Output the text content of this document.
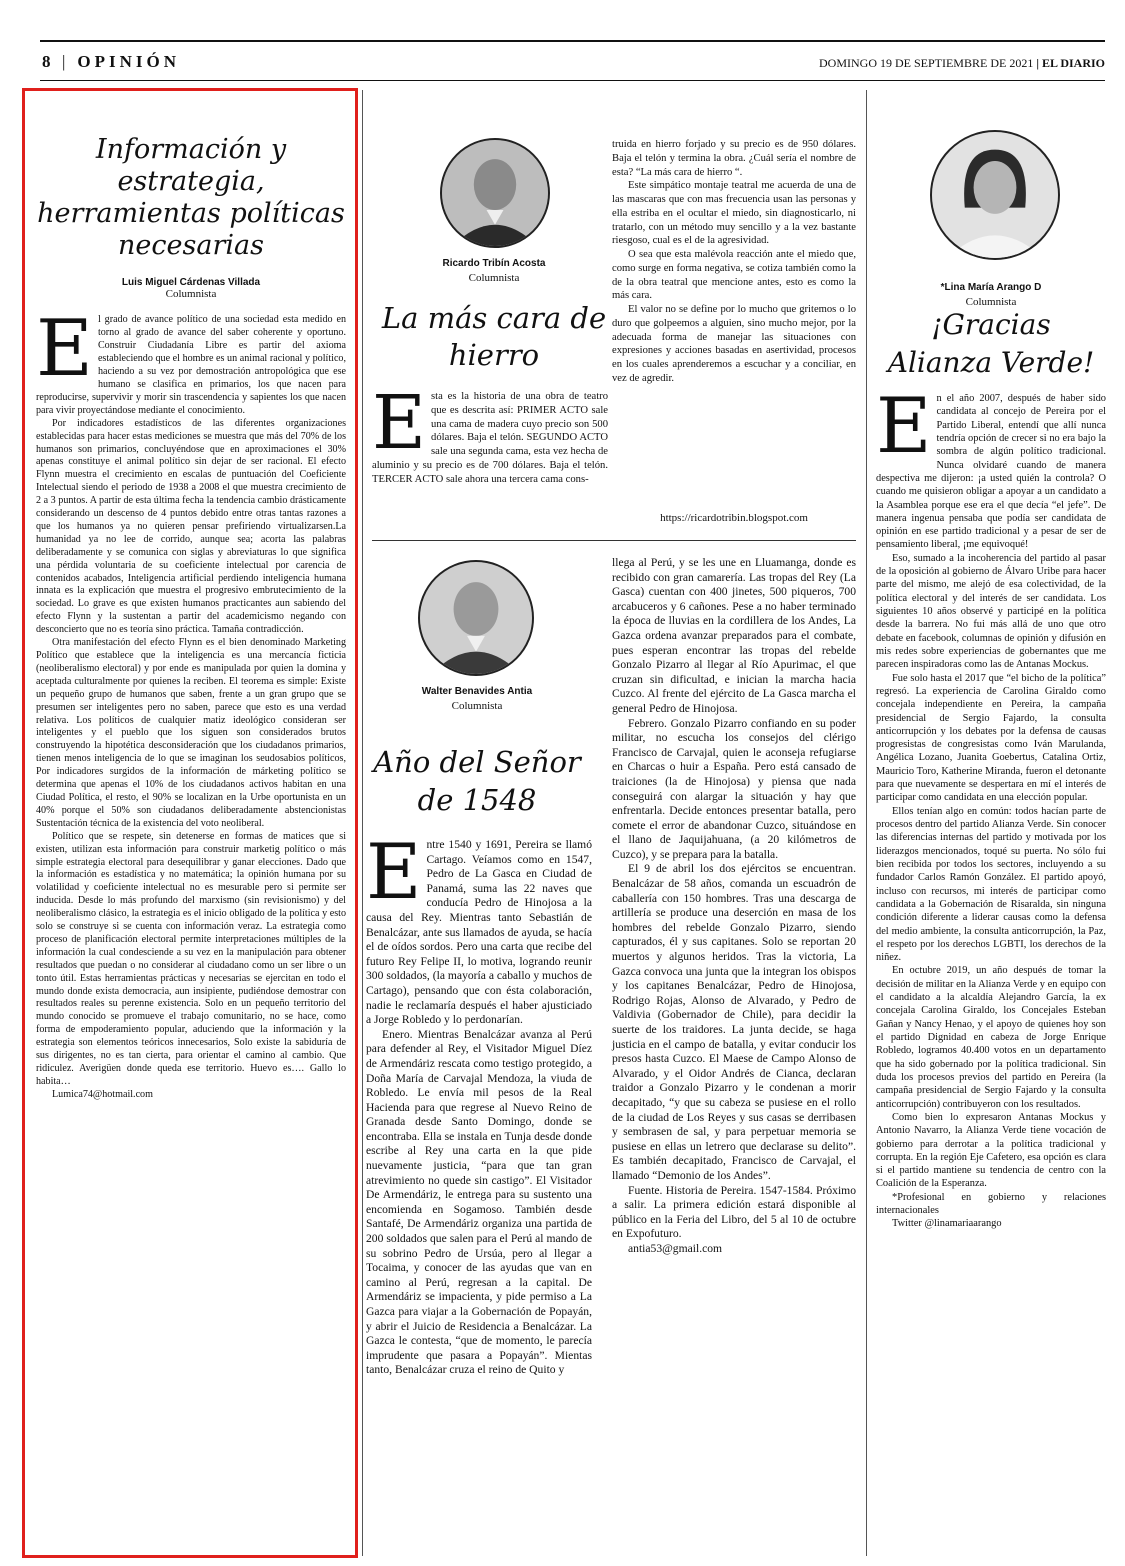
8 | OPINIÓN	DOMINGO 19 DE SEPTIEMBRE DE 2021 | EL DIARIO
Información y estrategia, herramientas políticas necesarias
Luis Miguel Cárdenas Villada
Columnista
E l grado de avance político de una sociedad esta medido en torno al grado de avance del saber coherente y oportuno. Construir Ciudadanía Libre es partir del axioma estableciendo que el hombre es un animal racional y político, haciendo a su vez por demostración antropológica que ese humano se clasifica en primarios, los que nacen para reproducirse, supervivir y morir sin trascendencia y sapientes los que nacen para vivir proyectándose mediante el conocimiento.

Por indicadores estadísticos de las diferentes organizaciones establecidas para hacer estas mediciones se muestra que más del 70% de los humanos son primarios, concluyéndose que en aproximaciones el 30% apenas constituye el animal político sin dejar de ser racional. El efecto Flynn muestra el crecimiento en escalas de puntuación del Coeficiente Intelectual siendo el periodo de 1938 a 2008 el que muestra crecimiento de 2 a 3 puntos. A partir de esta última fecha la tendencia cambio drásticamente considerando un descenso de 4 puntos debido entre otras tantas razones a que los humanos ya no quieren pensar prefiriendo virtualizarsen.La humanidad ya no lee de corrido, aunque sea; acorta las palabras deliberadamente y se comunica con siglas y abreviaturas lo que significa una pérdida voluntaria de su coeficiente intelectual por carencia de contenidos acabados, Inteligencia artificial perdiendo inteligencia humana innata es la explicación que muestra el progresivo embrutecimiento de la sociedad. Lo grave es que existen humanos practicantes aun sabiendo del efecto Flynn y la sustentan a partir del academicismo negando con desconcierto que no es teoría sino práctica. Tamaña contradicción.

Otra manifestación del efecto Flynn es el bien denominado Marketing Político que establece que la inteligencia es una mercancía ficticia (neoliberalismo electoral) y por ende es manipulada por quien la domina y aceptada culturalmente por quienes la reciben. El teorema es simple: Existe un pequeño grupo de humanos que saben, frente a un gran grupo que se presumen ser inteligentes pero no saben, parece que esto es una verdad relativa. Los políticos de cualquier matiz ideológico consideran ser inteligentes y el pueblo que los siguen son considerados brutos construyendo la hipotética desconsideración que los ciudadanos primarios, tienen menos inteligencia de lo que se imaginan los seudosabios políticos, Por indicadores surgidos de la información de márketing político se determina que apenas el 10% de los ciudadanos activos habitan en una Ciudad Política, el resto, el 90% se localizan en la Urbe oportunista en un 40% porque el 50% son ciudadanos deliberadamente abstencionistas Sustentación técnica de la existencia del voto neoliberal.

Político que se respete, sin detenerse en formas de matices que si existen, utilizan esta información para construir marketig político o más simple estrategia electoral para desequilibrar y ganar elecciones. Dado que la información es estadística y no matemática; la opinión humana por su volatilidad y coeficiente intelectual no es mesurable pero si permite ser inducida. Desde lo más profundo del marxismo (sin revisionismo) y del neoliberalismo clásico, la estrategia es el inicio obligado de la política y esto solo se construye si se cuenta con información veraz. La estrategia como proceso de planificación electoral permite interpretaciones múltiples de la información la cual condesciende a su vez en la manipulación para obtener resultados que puedan o no considerar al ciudadano como un ser libre o un tonto útil. Estas herramientas prácticas y necesarias se ejercitan en todo el mundo donde exista democracia, aun insipiente, pudiéndose demostrar con resultados reales su perenne existencia. Solo en un pequeño territorio del mundo conocido se promueve el trabajo comunitario, no se hace, como forma de empoderamiento popular, aduciendo que la información y la estrategia son elementos teóricos innecesarios, Solo existe la sabiduría de sus dirigentes, no es tan cierta, para orientar el camino al cambio. Que ridiculez. Averigüen donde queda ese territorio. Huevo es…. Gallo lo habita…

Lumica74@hotmail.com

Ricardo Tribín Acosta
Columnista
La más cara de hierro
E sta es la historia de una obra de teatro que es descrita así: PRIMER ACTO sale una cama de madera cuyo precio son 500 dólares. Baja el telón. SEGUNDO ACTO sale una segunda cama, esta vez hecha de aluminio y su precio es de 700 dólares. Baja el telón. TERCER ACTO sale ahora una tercera cama cons-

truida en hierro forjado y su precio es de 950 dólares. Baja el telón y termina la obra. ¿Cuál sería el nombre de esta? “La más cara de hierro “.

Este simpático montaje teatral me acuerda de una de las mascaras que con mas frecuencia usan las personas y ella estriba en el ocultar el miedo, sin diagnosticarlo, ni tratarlo, con un método muy sencillo y a la vez bastante riesgoso, cual es el de la agresividad.

O sea que esta malévola reacción ante el miedo que, como surge en forma negativa, se cotiza también como la de la obra teatral que mencione antes, esto es como la más cara.

El valor no se define por lo mucho que gritemos o lo duro que golpeemos a alguien, sino mucho mejor, por la adecuada forma de manejar las situaciones con expresiones y acciones basadas en asertividad, procesos en los cuales aprenderemos a escuchar y a conciliar, en vez de agredir.

https://ricardotribin.blogspot.com
Walter Benavides Antia
Columnista
Año del Señor de 1548
E ntre 1540 y 1691, Pereira se llamó Cartago. Veíamos como en 1547, Pedro de La Gasca en Ciudad de Panamá, suma las 22 naves que conducía Pedro de Hinojosa a la causa del Rey. Mientras tanto Sebastián de Benalcázar, ante sus llamados de ayuda, se hacía el de oídos sordos. Pero una carta que recibe del futuro Rey Felipe II, lo motiva, logrando reunir 300 soldados, (la mayoría a caballo y muchos de Cartago), pensando que con ésta colaboración, nadie le reclamaría después el haber ajusticiado a Jorge Robledo y lo perdonarían.

Enero. Mientras Benalcázar avanza al Perú para defender al Rey, el Visitador Miguel Díez de Armendáriz rescata como testigo protegido, a Doña María de Carvajal Mendoza, la viuda de Robledo. Le envía mil pesos de la Real Hacienda para que regrese al Nuevo Reino de Granada desde Santo Domingo, donde se encontraba. Ella se instala en Tunja desde donde escribe al Rey una carta en la que pide nuevamente justicia, “para que tan gran atrevimiento no quede sin castigo”. El Visitador De Armendáriz, le entrega para su sustento una encomienda en Sogamoso. También desde Santafé, De Armendáriz organiza una partida de 200 soldados que salen para el Perú al mando de su sobrino Pedro de Ursúa, pero al llegar a Tocaima, y conocer de las ayudas que van en camino al Perú, regresan a la capital. De Armendáriz se impacienta, y pide permiso a La Gazca para viajar a la Gobernación de Popayán, y abrir el Juicio de Residencia a Benalcázar. La Gazca le contesta, “que de momento, le parecía imprudente que pasara a Popayán”. Mientas tanto, Benalcázar cruza el reino de Quito y

llega al Perú, y se les une en Lluamanga, donde es recibido con gran camarería. Las tropas del Rey (La Gasca) cuentan con 400 jinetes, 500 piqueros, 700 arcabuceros y 6 cañones. Pese a no haber terminado la época de lluvias en la cordillera de los Andes, La Gazca ordena avanzar preparados para el combate, pues esperan encontrar las tropas del rebelde Gonzalo Pizarro al llegar al Río Apurimac, el que cruzan sin dificultad, e inician la marcha hacia Cuzco. Al frente del ejército de La Gasca marcha el general Pedro de Hinojosa.

Febrero. Gonzalo Pizarro confiando en su poder militar, no escucha los consejos del clérigo Francisco de Carvajal, quien le aconseja refugiarse en Charcas o huir a España. Pero está cansado de traiciones (la de Hinojosa) y piensa que nada conseguirá con alargar la situación y hay que enfrentarla. Decide entonces presentar batalla, pero comete el error de abandonar Cuzco, situándose en el llano de Jaquijahuana, (a 20 kilómetros de Cuzco), y se prepara para la batalla.

El 9 de abril los dos ejércitos se encuentran. Benalcázar de 58 años, comanda un escuadrón de caballería con 150 hombres. Tras una descarga de artillería se produce una deserción en masa de los hombres del rebelde Gonzalo Pizarro, siendo capturados, él y sus capitanes. Solo se reportan 20 muertos y algunos heridos. Tras la victoria, La Gazca convoca una junta que la integran los obispos y los capitanes Benalcázar, Pedro de Hinojosa, Rodrigo Rojas, Alonso de Alvarado, y Pedro de Valdivia (Gobernador de Chile), para decidir la suerte de los traidores. La junta decide, se haga justicia en el campo de batalla, y evitar conducir los presos hasta Cuzco. El Maese de Campo Alonso de Alvarado, y el Oidor Andrés de Cianca, declaran traidor a Gonzalo Pizarro y le condenan a morir decapitado, “y que su cabeza se pusiese en el rollo de la ciudad de Los Reyes y sus casas se derribasen y sembrasen de sal, y para perpetuar memoria se pusiese en ellas un letrero que declarase su delito”. Es también decapitado, Francisco de Carvajal, el llamado “Demonio de los Andes”.

Fuente. Historia de Pereira. 1547-1584. Próximo a salir. La primera edición estará disponible al público en la Feria del Libro, del 5 al 10 de octubre en Expofuturo.

antia53@gmail.com

*Lina María Arango D
Columnista
¡Gracias Alianza Verde!
E n el año 2007, después de haber sido candidata al concejo de Pereira por el Partido Liberal, entendí que allí nunca tendría opción de crecer si no era bajo la sombra de algún político tradicional. Nunca olvidaré cuando de manera despectiva me dijeron: ¡a usted quién la controla? O cuando me quisieron obligar a apoyar a un candidato a la Asamblea porque ese era el que decía “el jefe”. De manera ingenua pensaba que podía ser candidata de opinión en ese partido tradicional y a pesar de ser de pensamiento liberal, ¡me equivoqué!

Eso, sumado a la incoherencia del partido al pasar de la oposición al gobierno de Álvaro Uribe para hacer parte del mismo, me alejó de esa colectividad, de la política electoral y del interés de ser candidata. Los siguientes 10 años observé y participé en la política desde la barrera. No fui más allá de uno que otro debate en facebook, columnas de opinión y difusión en mis redes sobre experiencias de gobernantes que me parecen inspiradoras como las de Antanas Mockus.

Fue solo hasta el 2017 que “el bicho de la política” regresó. La experiencia de Carolina Giraldo como concejala independiente en Pereira, la campaña presidencial de Sergio Fajardo, la consulta anticorrupción y los debates por la defensa de causas progresistas de congresistas como Iván Marulanda, Angélica Lozano, Juanita Goebertus, Catalina Ortiz, Mauricio Toro, Katherine Miranda, fueron el detonante para que nuevamente se despertara en mí el interés de participar como candidata en una elección popular.

Ellos tenían algo en común: todos hacían parte de procesos dentro del partido Alianza Verde. Sin conocer las diferencias internas del partido y motivada por los liderazgos mencionados, toqué su puerta. No sólo fui bien recibida por todos los sectores, incluyendo a su fundador Carlos Ramón González. El partido apoyó, incluso con recursos, mi interés de participar como candidata a la Gobernación de Risaralda, sin ninguna condición diferente a liderar causas como la defensa del medio ambiente, la consulta anticorrupción, la Paz, el respeto por los derechos LGBTI, los derechos de la niñez.

En octubre 2019, un año después de tomar la decisión de militar en la Alianza Verde y en equipo con el candidato a la alcaldía Alejandro García, la ex concejala Carolina Giraldo, los Concejales Esteban Gañan y Nancy Henao, y el apoyo de quienes hoy son el partido Dignidad en cabeza de Jorge Enrique Robledo, logramos 40.400 votos en un departamento que ha sido gobernado por la política tradicional. Sin duda los procesos previos del partido en Pereira (la campaña presidencial de Sergio Fajardo y la consulta anticorrupción) contribuyeron con los resultados.

Como bien lo expresaron Antanas Mockus y Antonio Navarro, la Alianza Verde tiene vocación de gobierno para derrotar a la política tradicional y corrupta. En la región Eje Cafetero, esa opción es clara si el partido mantiene su tendencia de centro con la Coalición de la Esperanza.

*Profesional en gobierno y relaciones internacionales

Twitter @linamariaarango
